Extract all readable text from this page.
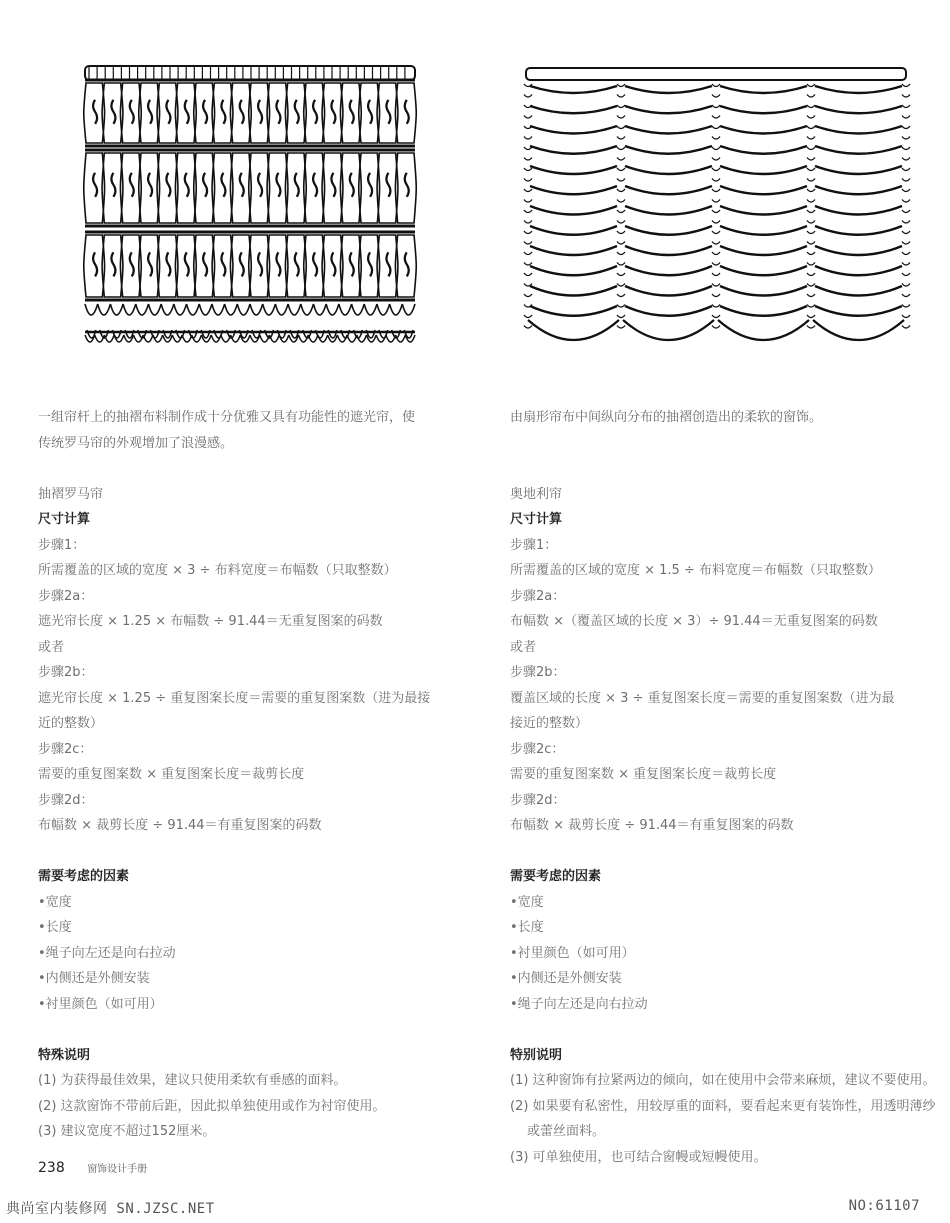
一组帘杆上的抽褶布料制作成十分优雅又具有功能性的遮光帘，使

传统罗马帘的外观增加了浪漫感。

抽褶罗马帘

尺寸计算

步骤1：

所需覆盖的区域的宽度 × 3 ÷ 布料宽度＝布幅数（只取整数）

步骤2a：

遮光帘长度 × 1.25 × 布幅数 ÷ 91.44＝无重复图案的码数

或者

步骤2b：

遮光帘长度 × 1.25 ÷ 重复图案长度＝需要的重复图案数（进为最接

近的整数）

步骤2c：

需要的重复图案数 × 重复图案长度＝裁剪长度

步骤2d：

布幅数 × 裁剪长度 ÷ 91.44＝有重复图案的码数

需要考虑的因素

•宽度

•长度

•绳子向左还是向右拉动

•内侧还是外侧安装

•衬里颜色（如可用）

特殊说明

(1) 为获得最佳效果，建议只使用柔软有垂感的面料。

(2) 这款窗饰不带前后距，因此拟单独使用或作为衬帘使用。

(3) 建议宽度不超过152厘米。

由扇形帘布中间纵向分布的抽褶创造出的柔软的窗饰。

奥地利帘

尺寸计算

步骤1：

所需覆盖的区域的宽度 × 1.5 ÷ 布料宽度＝布幅数（只取整数）

步骤2a：

布幅数 ×（覆盖区域的长度 × 3）÷ 91.44＝无重复图案的码数

或者

步骤2b：

覆盖区域的长度 × 3 ÷ 重复图案长度＝需要的重复图案数（进为最

接近的整数）

步骤2c：

需要的重复图案数 × 重复图案长度＝裁剪长度

步骤2d：

布幅数 × 裁剪长度 ÷ 91.44＝有重复图案的码数

需要考虑的因素

•宽度

•长度

•衬里颜色（如可用）

•内侧还是外侧安装

•绳子向左还是向右拉动

特别说明

(1) 这种窗饰有拉紧两边的倾向，如在使用中会带来麻烦，建议不要使用。

(2) 如果要有私密性，用较厚重的面料，要看起来更有装饰性，用透明薄纱或蕾丝面料。

(3) 可单独使用，也可结合窗幔或短幔使用。

238 窗饰设计手册
典尚室内装修网 SN.JZSC.NET	NO:61107
